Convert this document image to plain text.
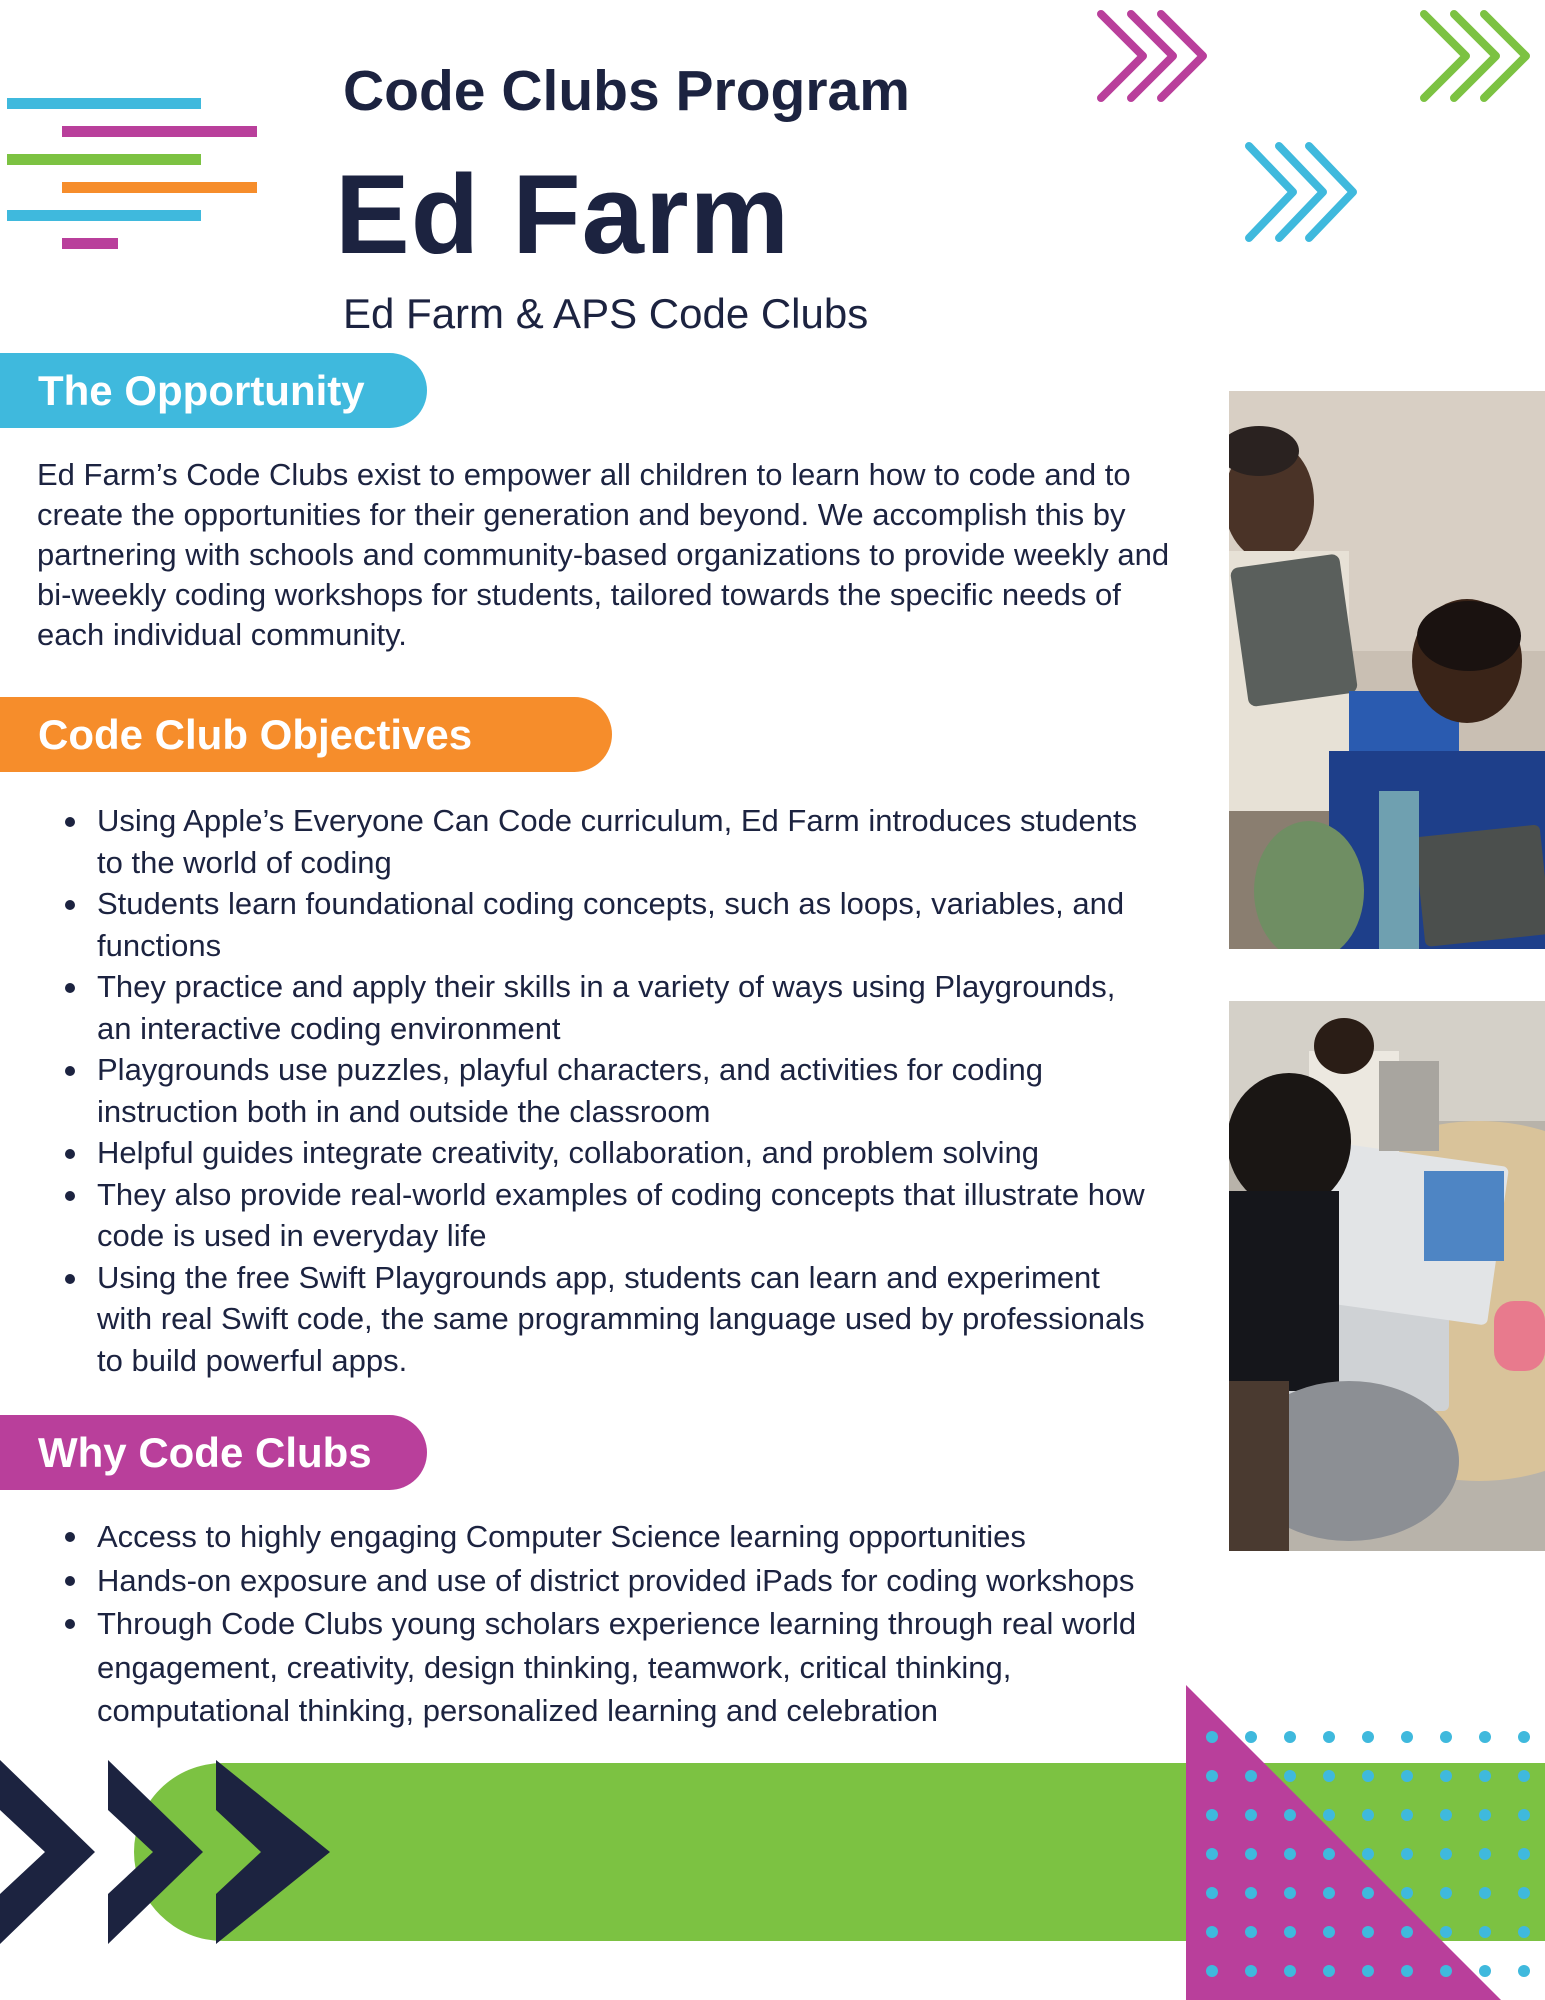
Code Clubs Program
Ed Farm
Ed Farm & APS Code Clubs
The Opportunity
Ed Farm’s Code Clubs exist to empower all children to learn how to code and to create the opportunities for their generation and beyond. We accomplish this by partnering with schools and community-based organizations to provide weekly and bi-weekly coding workshops for students, tailored towards the specific needs of each individual community.
Code Club Objectives
Using Apple’s Everyone Can Code curriculum, Ed Farm introduces students to the world of coding
Students learn foundational coding concepts, such as loops, variables, and functions
They practice and apply their skills in a variety of ways using Playgrounds, an interactive coding environment
Playgrounds use puzzles, playful characters, and activities for coding instruction both in and outside the classroom
Helpful guides integrate creativity, collaboration, and problem solving
They also provide real-world examples of coding concepts that illustrate how code is used in everyday life
Using the free Swift Playgrounds app, students can learn and experiment with real Swift code, the same programming language used by professionals to build powerful apps.
Why Code Clubs
Access to highly engaging Computer Science learning opportunities
Hands-on exposure and use of district provided iPads for coding workshops
Through Code Clubs young scholars experience learning through real world engagement, creativity, design thinking, teamwork, critical thinking, computational thinking, personalized learning and celebration
